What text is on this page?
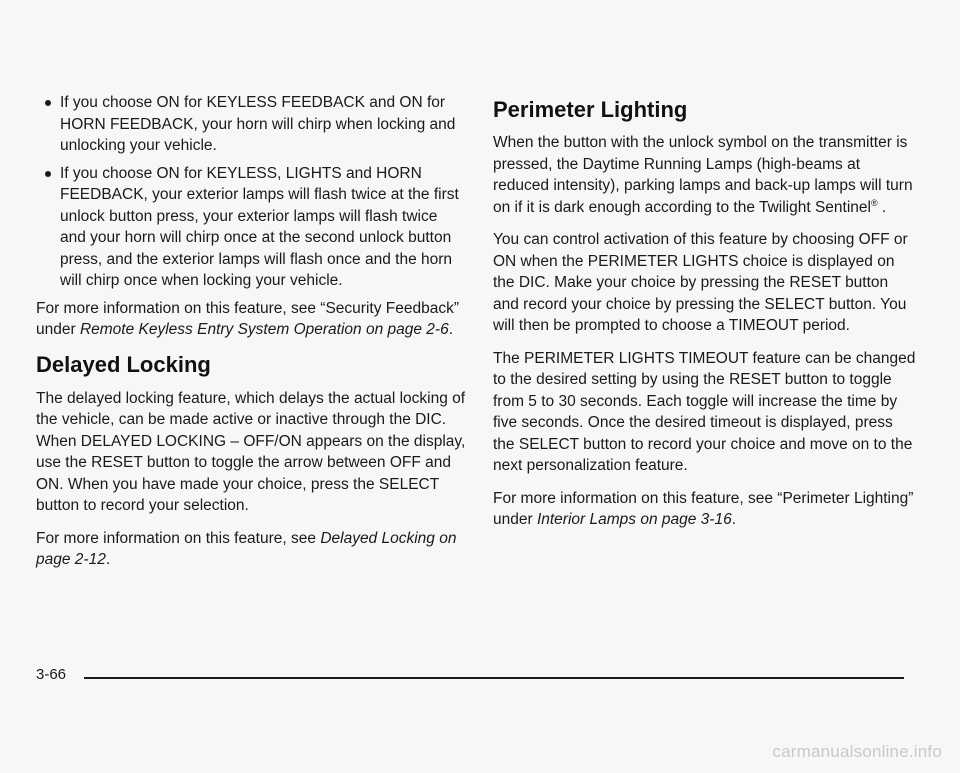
If you choose ON for KEYLESS FEEDBACK and ON for HORN FEEDBACK, your horn will chirp when locking and unlocking your vehicle.
If you choose ON for KEYLESS, LIGHTS and HORN FEEDBACK, your exterior lamps will flash twice at the first unlock button press, your exterior lamps will flash twice and your horn will chirp once at the second unlock button press, and the exterior lamps will flash once and the horn will chirp once when locking your vehicle.

For more information on this feature, see “Security Feedback” under Remote Keyless Entry System Operation on page 2-6.

Delayed Locking

The delayed locking feature, which delays the actual locking of the vehicle, can be made active or inactive through the DIC. When DELAYED LOCKING – OFF/ON appears on the display, use the RESET button to toggle the arrow between OFF and ON. When you have made your choice, press the SELECT button to record your selection.

For more information on this feature, see Delayed Locking on page 2-12.

Perimeter Lighting

When the button with the unlock symbol on the transmitter is pressed, the Daytime Running Lamps (high-beams at reduced intensity), parking lamps and back-up lamps will turn on if it is dark enough according to the Twilight Sentinel® .

You can control activation of this feature by choosing OFF or ON when the PERIMETER LIGHTS choice is displayed on the DIC. Make your choice by pressing the RESET button and record your choice by pressing the SELECT button. You will then be prompted to choose a TIMEOUT period.

The PERIMETER LIGHTS TIMEOUT feature can be changed to the desired setting by using the RESET button to toggle from 5 to 30 seconds. Each toggle will increase the time by five seconds. Once the desired timeout is displayed, press the SELECT button to record your choice and move on to the next personalization feature.

For more information on this feature, see “Perimeter Lighting” under Interior Lamps on page 3-16.

3-66
carmanualsonline.info
